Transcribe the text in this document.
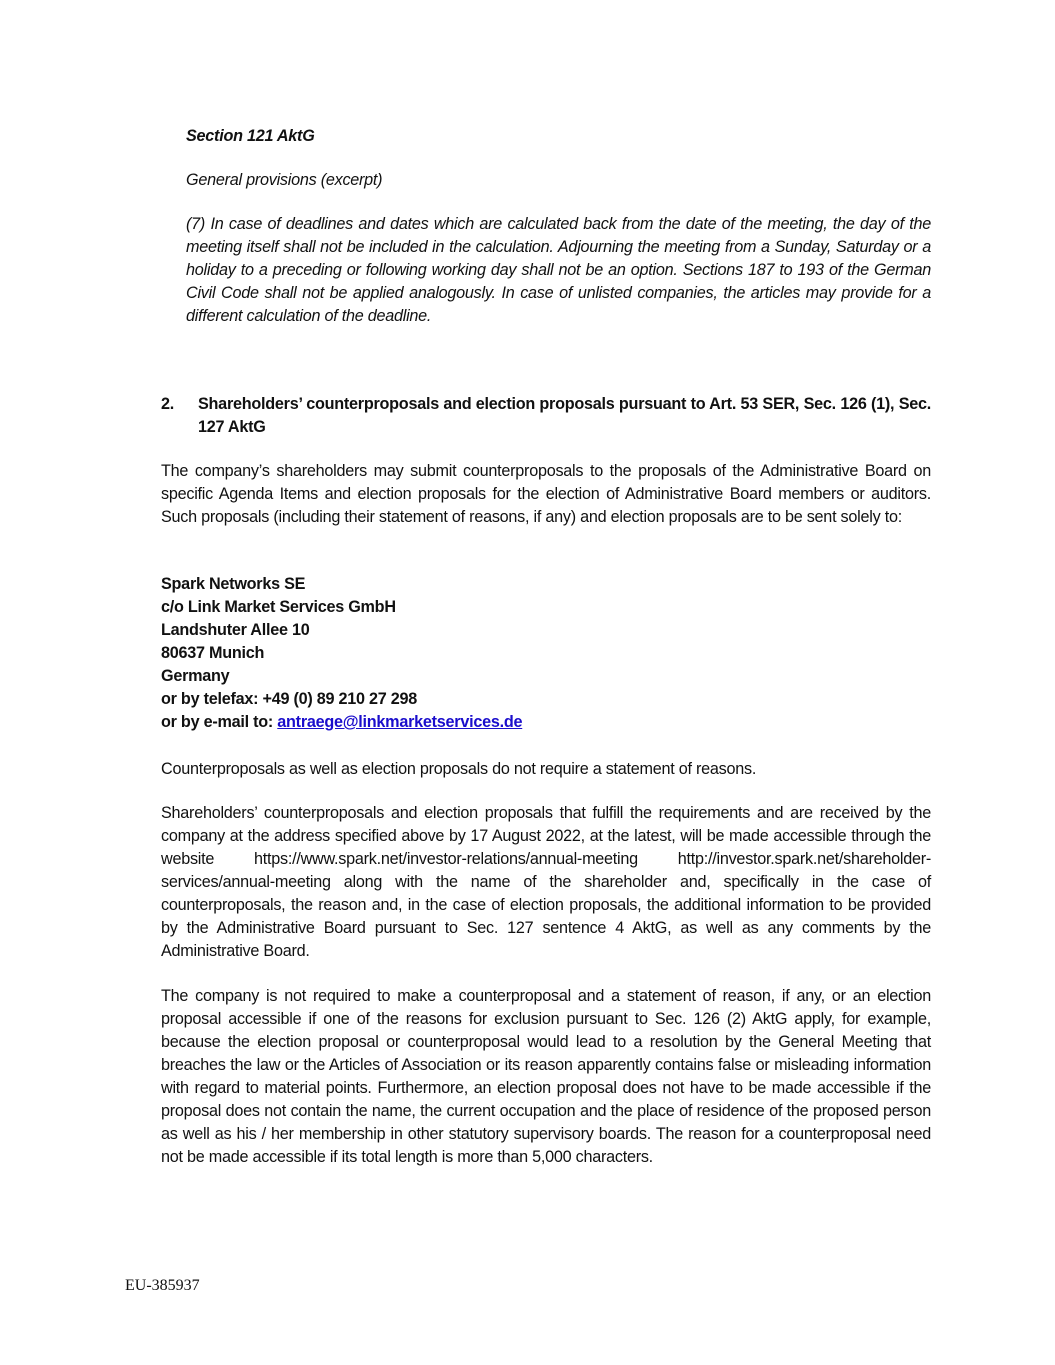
Section 121 AktG
General provisions (excerpt)
(7) In case of deadlines and dates which are calculated back from the date of the meeting, the day of the meeting itself shall not be included in the calculation. Adjourning the meeting from a Sunday, Saturday or a holiday to a preceding or following working day shall not be an option. Sections 187 to 193 of the German Civil Code shall not be applied analogously. In case of unlisted companies, the articles may provide for a different calculation of the deadline.
2.	Shareholders’ counterproposals and election proposals pursuant to Art. 53 SER, Sec. 126 (1), Sec. 127 AktG
The company’s shareholders may submit counterproposals to the proposals of the Administrative Board on specific Agenda Items and election proposals for the election of Administrative Board members or auditors. Such proposals (including their statement of reasons, if any) and election proposals are to be sent solely to:
Spark Networks SE
c/o Link Market Services GmbH
Landshuter Allee 10
80637 Munich
Germany
or by telefax: +49 (0) 89 210 27 298
or by e-mail to: antraege@linkmarketservices.de
Counterproposals as well as election proposals do not require a statement of reasons.
Shareholders’ counterproposals and election proposals that fulfill the requirements and are received by the company at the address specified above by 17 August 2022, at the latest, will be made accessible through the website https://www.spark.net/investor-relations/annual-meeting http://investor.spark.net/shareholder-services/annual-meeting along with the name of the shareholder and, specifically in the case of counterproposals, the reason and, in the case of election proposals, the additional information to be provided by the Administrative Board pursuant to Sec. 127 sentence 4 AktG, as well as any comments by the Administrative Board.
The company is not required to make a counterproposal and a statement of reason, if any, or an election proposal accessible if one of the reasons for exclusion pursuant to Sec. 126 (2) AktG apply, for example, because the election proposal or counterproposal would lead to a resolution by the General Meeting that breaches the law or the Articles of Association or its reason apparently contains false or misleading information with regard to material points. Furthermore, an election proposal does not have to be made accessible if the proposal does not contain the name, the current occupation and the place of residence of the proposed person as well as his / her membership in other statutory supervisory boards. The reason for a counterproposal need not be made accessible if its total length is more than 5,000 characters.
EU-385937
